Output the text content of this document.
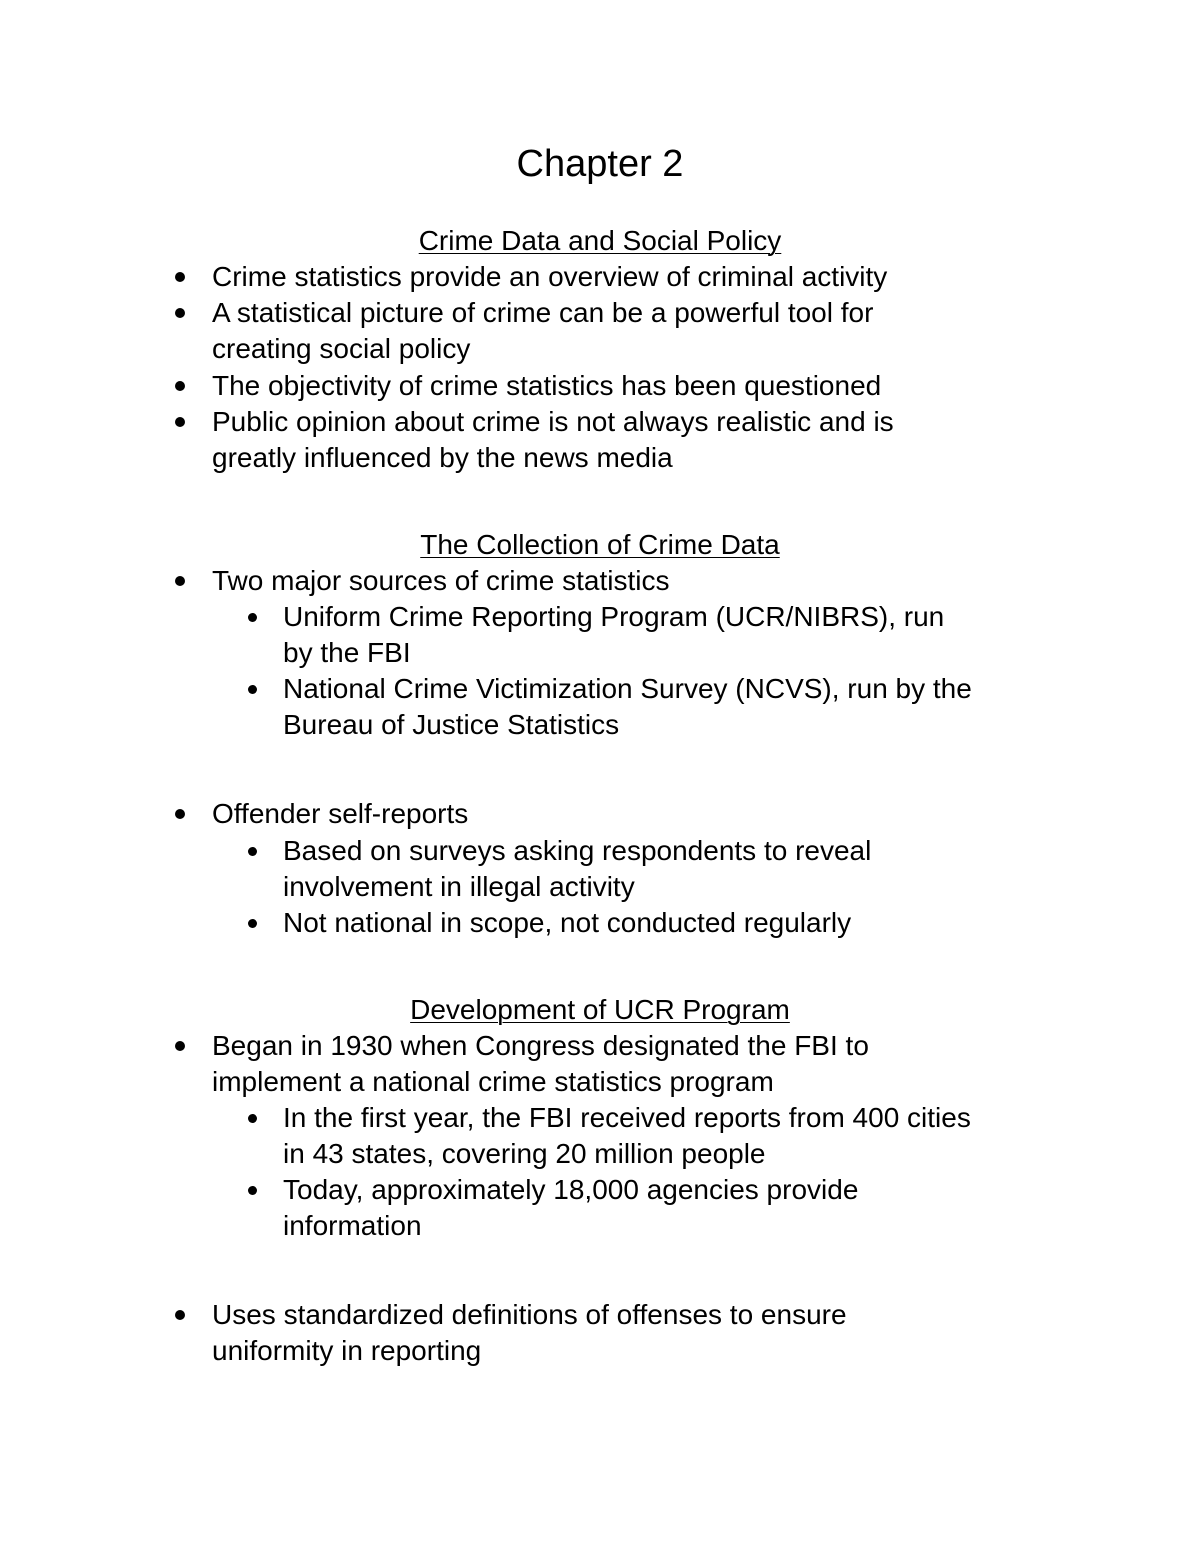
Chapter 2
Crime Data and Social Policy
Crime statistics provide an overview of criminal activity
A statistical picture of crime can be a powerful tool for
creating social policy
The objectivity of crime statistics has been questioned
Public opinion about crime is not always realistic and is
greatly influenced by the news media
The Collection of Crime Data
Two major sources of crime statistics
Uniform Crime Reporting Program (UCR/NIBRS), run
by the FBI
National Crime Victimization Survey (NCVS), run by the
Bureau of Justice Statistics
Offender self-reports
Based on surveys asking respondents to reveal
involvement in illegal activity
Not national in scope, not conducted regularly
Development of UCR Program
Began in 1930 when Congress designated the FBI to
implement a national crime statistics program
In the first year, the FBI received reports from 400 cities
in 43 states, covering 20 million people
Today, approximately 18,000 agencies provide
information
Uses standardized definitions of offenses to ensure
uniformity in reporting
